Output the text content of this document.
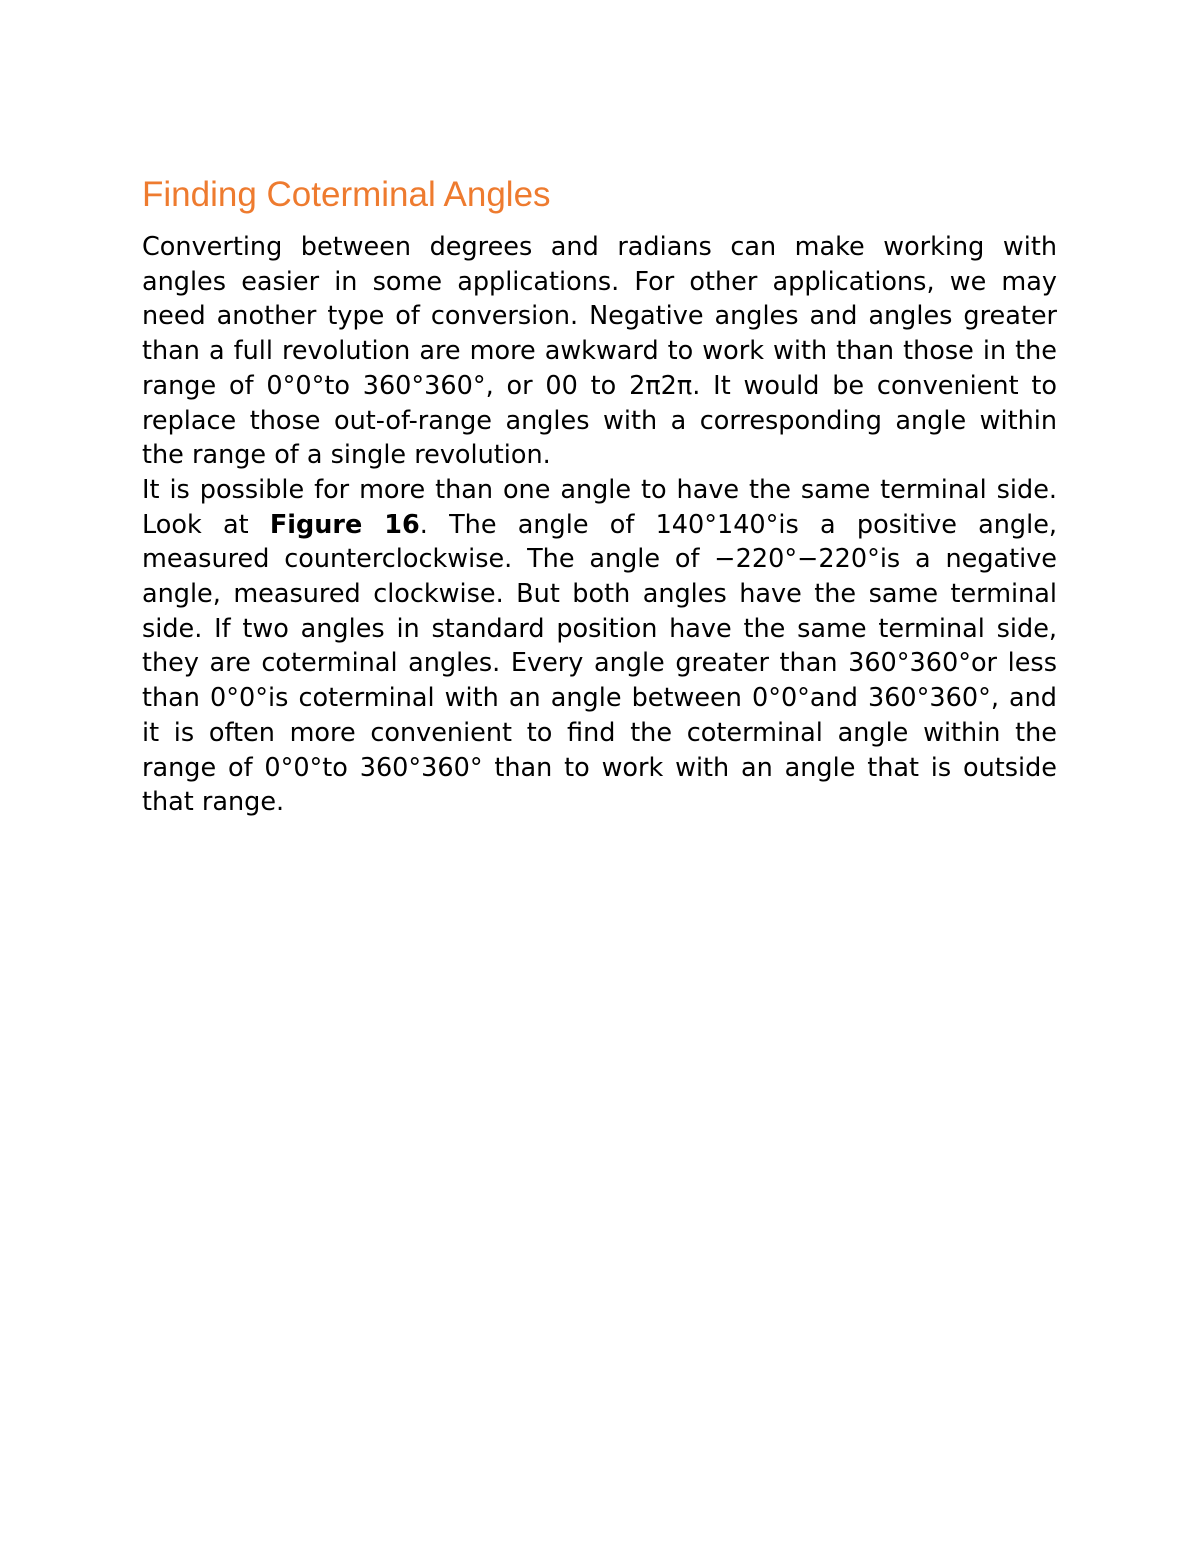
Finding Coterminal Angles

Converting between degrees and radians can make working with angles easier in some applications. For other applications, we may need another type of conversion. Negative angles and angles greater than a full revolution are more awkward to work with than those in the range of 0°0°to 360°360°, or 00 to 2π2π. It would be convenient to replace those out-of-range angles with a corresponding angle within the range of a single revolution.

It is possible for more than one angle to have the same terminal side. Look at Figure 16. The angle of 140°140°is a positive angle, measured counterclockwise. The angle of −220°−220°is a negative angle, measured clockwise. But both angles have the same terminal side. If two angles in standard position have the same terminal side, they are coterminal angles. Every angle greater than 360°360°or less than 0°0°is coterminal with an angle between 0°0°and 360°360°, and it is often more convenient to find the coterminal angle within the range of 0°0°to 360°360° than to work with an angle that is outside that range.
